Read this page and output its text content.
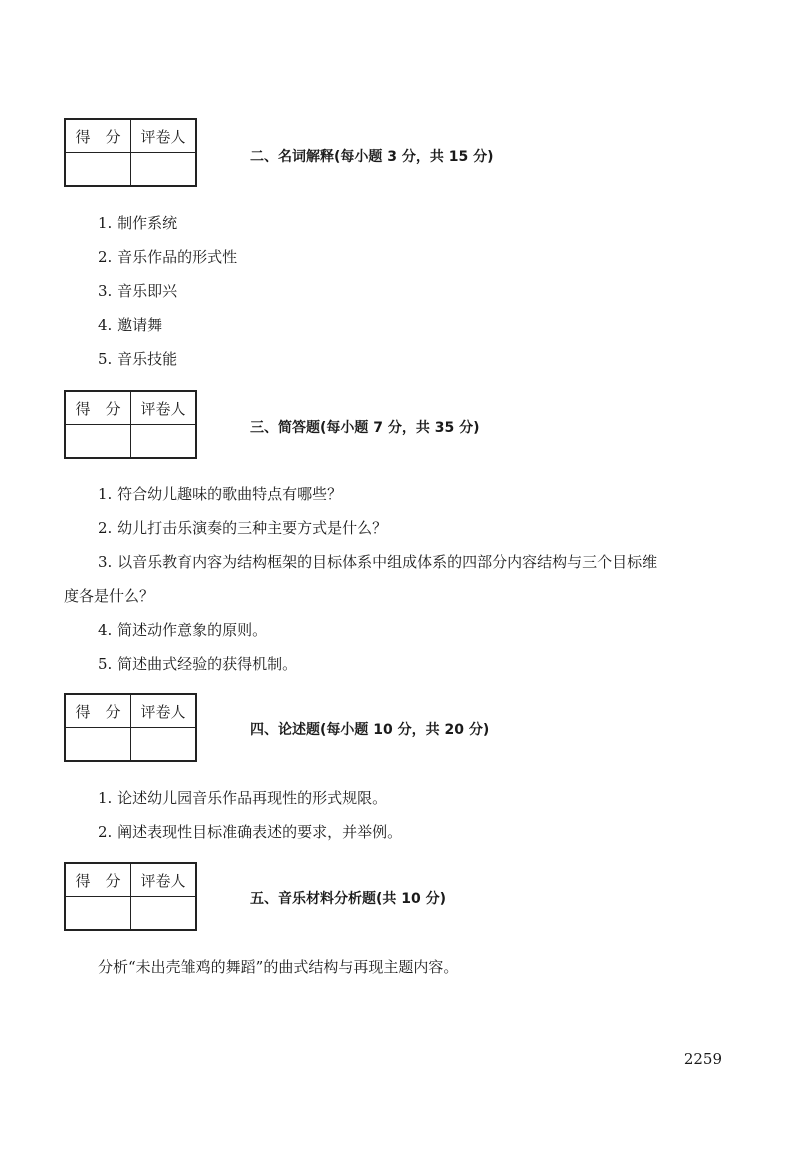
得　分	评卷人

二、名词解释(每小题 3 分，共 15 分)
1. 制作系统
2. 音乐作品的形式性
3. 音乐即兴
4. 邀请舞
5. 音乐技能
得　分	评卷人

三、简答题(每小题 7 分，共 35 分)
1. 符合幼儿趣味的歌曲特点有哪些？
2. 幼儿打击乐演奏的三种主要方式是什么？
3. 以音乐教育内容为结构框架的目标体系中组成体系的四部分内容结构与三个目标维
度各是什么？
4. 简述动作意象的原则。
5. 简述曲式经验的获得机制。
得　分	评卷人

四、论述题(每小题 10 分，共 20 分)
1. 论述幼儿园音乐作品再现性的形式规限。
2. 阐述表现性目标准确表述的要求，并举例。
得　分	评卷人

五、音乐材料分析题(共 10 分)
分析“未出壳雏鸡的舞蹈”的曲式结构与再现主题内容。
2259
